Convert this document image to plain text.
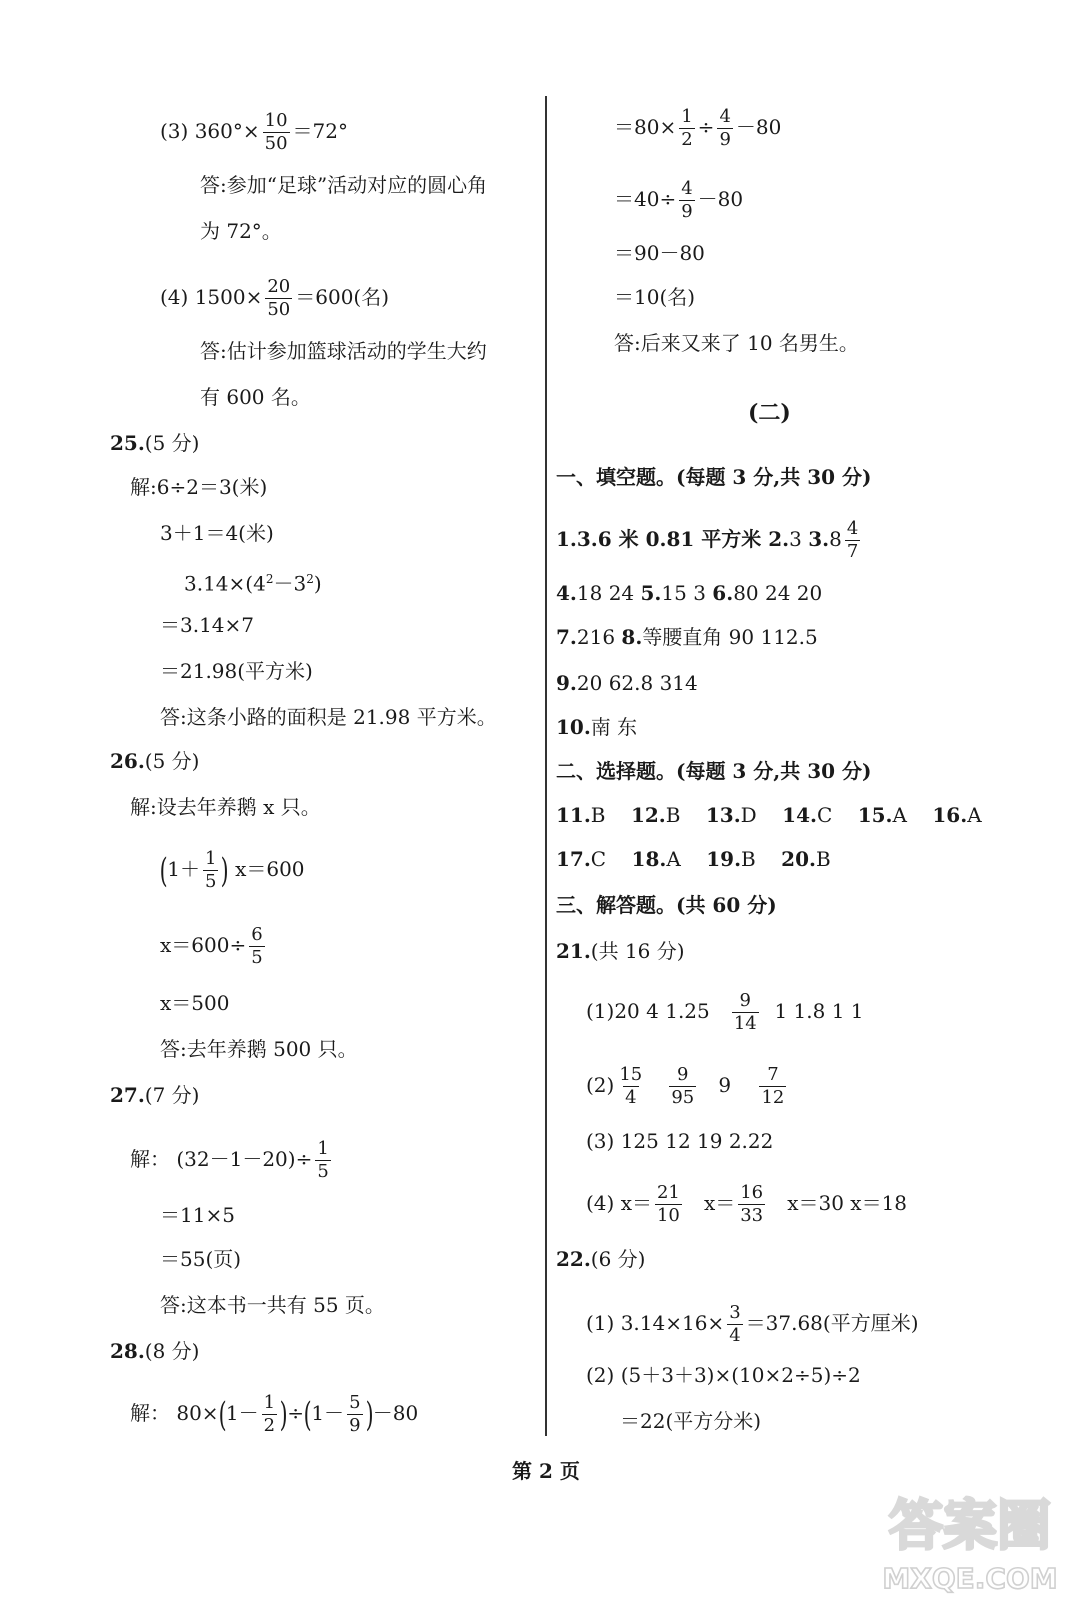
(3) $360^\circ\times \frac{10}{50} =72^\circ$
答:参加“足球”活动对应的圆心角
为 72°。
(4) $1500\times \frac{20}{50} =600$(名)
答:估计参加篮球活动的学生大约
有 600 名。
25.(5 分)
解:6÷2＝3(米)
3＋1＝4(米)
$3.14\times(4^2-3^2)$
＝3.14×7
＝21.98(平方米)
答:这条小路的面积是 21.98 平方米。
26.(5 分)
解:设去年养鹅 x 只。
($1+ \frac{1}{5}$ ) x＝600
$x=600\div \frac{6}{5}$
x＝500
答:去年养鹅 500 只。
27.(7 分)
解： $(32-1-20)\div \frac{1}{5}$
＝11×5
＝55(页)
答:这本书一共有 55 页。
28.(8 分)
解： $80\times(1- \frac{1}{2} )\div(1- \frac{5}{9} )-80$
$=80\times \frac{1}{2} \div \frac{4}{9} -80$
$=40\div \frac{4}{9} -80$
＝90－80
＝10(名)
答:后来又来了 10 名男生。
(二)
一、填空题。(每题 3 分,共 30 分)
1.3.6 米 0.81 平方米 2.3 $3.8 \frac{4}{7}$
4.18 24 5.15 3 6.80 24 20
7.216 8.等腰直角 90 112.5
9.20 62.8 314
10.南 东
二、选择题。(每题 3 分,共 30 分)
11.B 12.B 13.D 14.C 15.A 16.A
17.C 18.A 19.B 20.B
三、解答题。(共 60 分)
21.(共 16 分)
(1)20 4 $1.25 \frac{9}{14} 1$ 1.8 1 1
$(2) \frac{15}{4}$
$\frac{9}{95} 9 \frac{7}{12}$
(3) 125 12 19 2.22
(4) $x= \frac{21}{10} x= \frac{16}{33} x=30$ x＝18
22.(6 分)
(1) $3.14\times 16\times \frac{3}{4} =37.68$(平方厘米)
(2) (5＋3＋3)×(10×2÷5)÷2
＝22(平方分米)
第 2 页
答案圈
MXQE.COM
